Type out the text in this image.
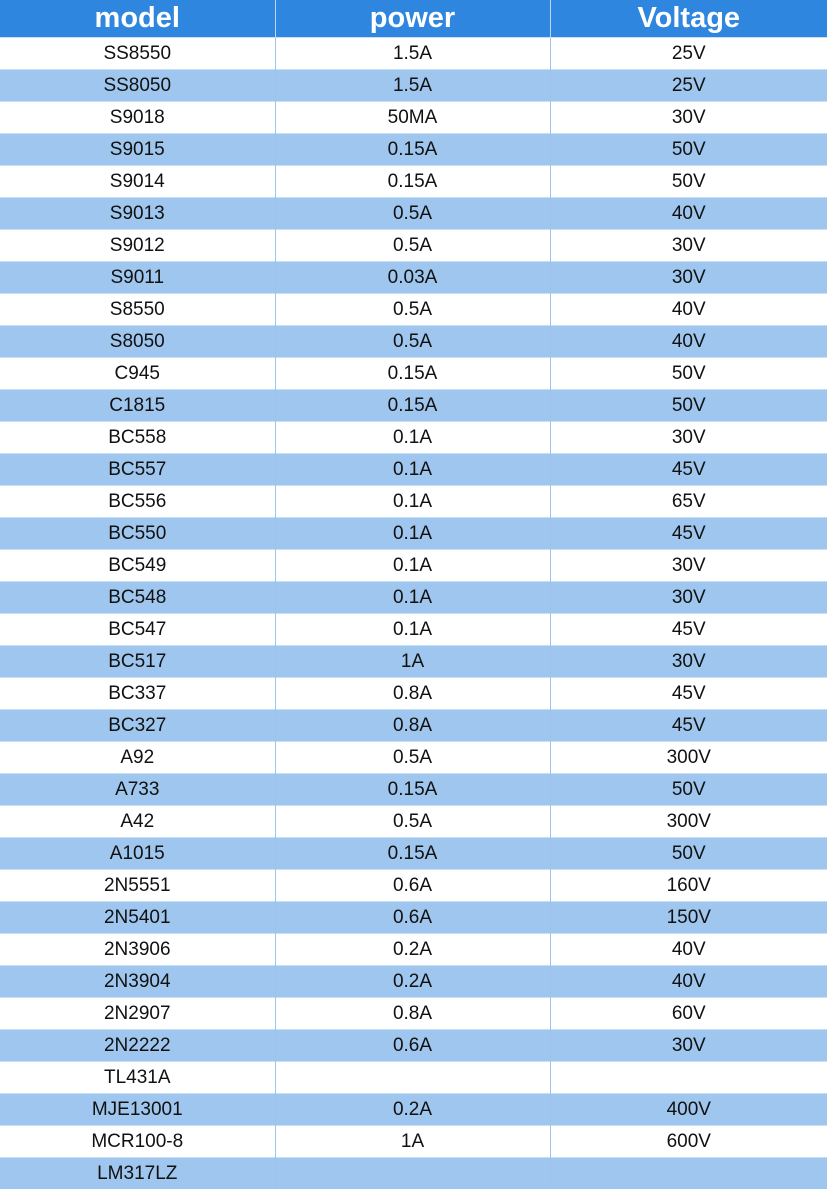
model	power	Voltage
SS8550	1.5A	25V
SS8050	1.5A	25V
S9018	50MA	30V
S9015	0.15A	50V
S9014	0.15A	50V
S9013	0.5A	40V
S9012	0.5A	30V
S9011	0.03A	30V
S8550	0.5A	40V
S8050	0.5A	40V
C945	0.15A	50V
C1815	0.15A	50V
BC558	0.1A	30V
BC557	0.1A	45V
BC556	0.1A	65V
BC550	0.1A	45V
BC549	0.1A	30V
BC548	0.1A	30V
BC547	0.1A	45V
BC517	1A	30V
BC337	0.8A	45V
BC327	0.8A	45V
A92	0.5A	300V
A733	0.15A	50V
A42	0.5A	300V
A1015	0.15A	50V
2N5551	0.6A	160V
2N5401	0.6A	150V
2N3906	0.2A	40V
2N3904	0.2A	40V
2N2907	0.8A	60V
2N2222	0.6A	30V
TL431A		
MJE13001	0.2A	400V
MCR100-8	1A	600V
LM317LZ		
